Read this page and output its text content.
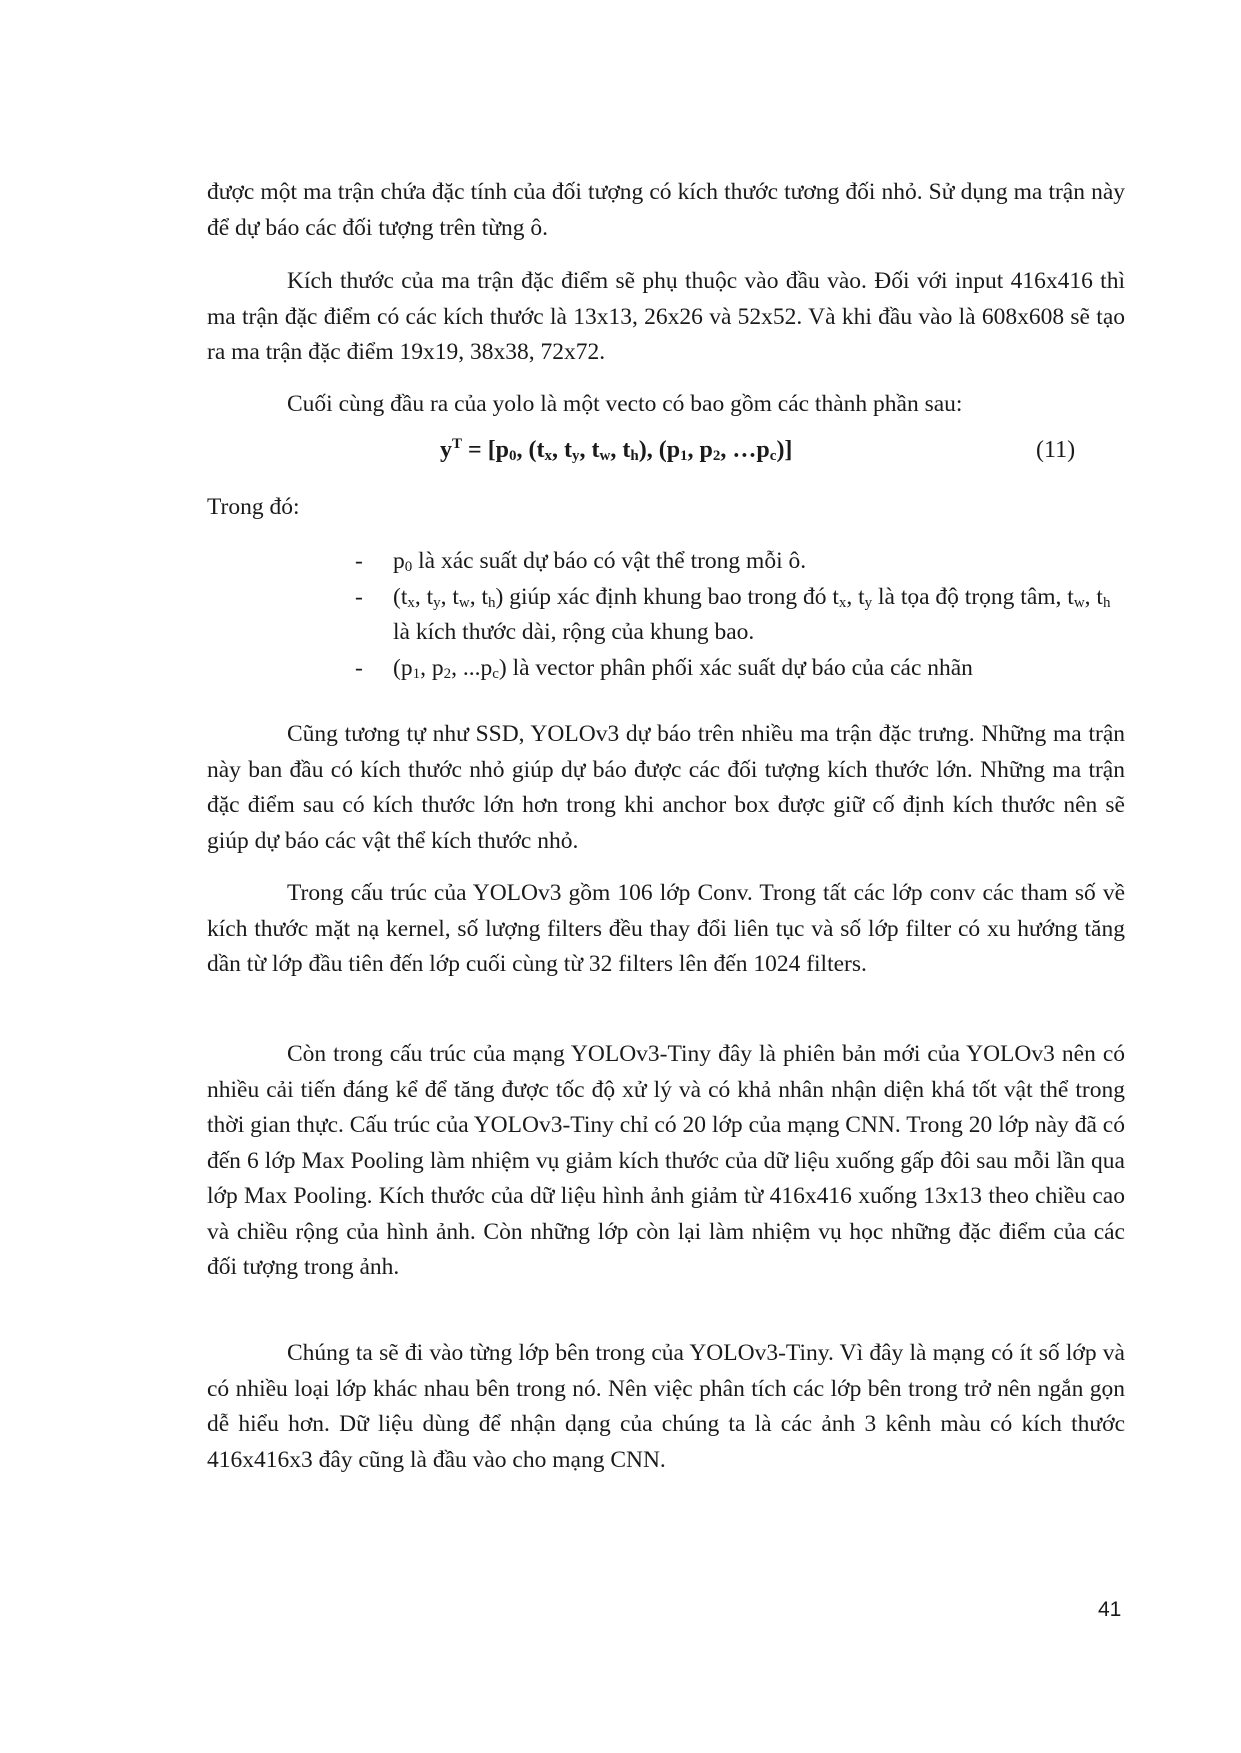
được một ma trận chứa đặc tính của đối tượng có kích thước tương đối nhỏ. Sử dụng ma trận này để dự báo các đối tượng trên từng ô.

Kích thước của ma trận đặc điểm sẽ phụ thuộc vào đầu vào. Đối với input 416x416 thì ma trận đặc điểm có các kích thước là 13x13, 26x26 và 52x52. Và khi đầu vào là 608x608 sẽ tạo ra ma trận đặc điểm 19x19, 38x38, 72x72.

Cuối cùng đầu ra của yolo là một vecto có bao gồm các thành phần sau:

$y^T = [p_0$, ($t_x$, $t_y$, $t_w$, $t_h$), ($p_1$, $p_2$, $\dots p_c$)]	(11)
Trong đó:
- $p_0$ là xác suất dự báo có vật thể trong mỗi ô.
- ($t_x$, $t_y$, $t_w$, $t_h$) giúp xác định khung bao trong đó $t_x$, $t_y$ là tọa độ trọng tâm, $t_w$, $t_h$ là kích thước dài, rộng của khung bao.
- ($p_1$, $p_2$, $...p_c$) là vector phân phối xác suất dự báo của các nhãn

Cũng tương tự như SSD, YOLOv3 dự báo trên nhiều ma trận đặc trưng. Những ma trận này ban đầu có kích thước nhỏ giúp dự báo được các đối tượng kích thước lớn. Những ma trận đặc điểm sau có kích thước lớn hơn trong khi anchor box được giữ cố định kích thước nên sẽ giúp dự báo các vật thể kích thước nhỏ.

Trong cấu trúc của YOLOv3 gồm 106 lớp Conv. Trong tất các lớp conv các tham số về kích thước mặt nạ kernel, số lượng filters đều thay đổi liên tục và số lớp filter có xu hướng tăng dần từ lớp đầu tiên đến lớp cuối cùng từ 32 filters lên đến 1024 filters.

Còn trong cấu trúc của mạng YOLOv3-Tiny đây là phiên bản mới của YOLOv3 nên có nhiều cải tiến đáng kể để tăng được tốc độ xử lý và có khả nhân nhận diện khá tốt vật thể trong thời gian thực. Cấu trúc của YOLOv3-Tiny chỉ có 20 lớp của mạng CNN. Trong 20 lớp này đã có đến 6 lớp Max Pooling làm nhiệm vụ giảm kích thước của dữ liệu xuống gấp đôi sau mỗi lần qua lớp Max Pooling. Kích thước của dữ liệu hình ảnh giảm từ 416x416 xuống 13x13 theo chiều cao và chiều rộng của hình ảnh. Còn những lớp còn lại làm nhiệm vụ học những đặc điểm của các đối tượng trong ảnh.

Chúng ta sẽ đi vào từng lớp bên trong của YOLOv3-Tiny. Vì đây là mạng có ít số lớp và có nhiều loại lớp khác nhau bên trong nó. Nên việc phân tích các lớp bên trong trở nên ngắn gọn dễ hiểu hơn. Dữ liệu dùng để nhận dạng của chúng ta là các ảnh 3 kênh màu có kích thước 416x416x3 đây cũng là đầu vào cho mạng CNN.

41
